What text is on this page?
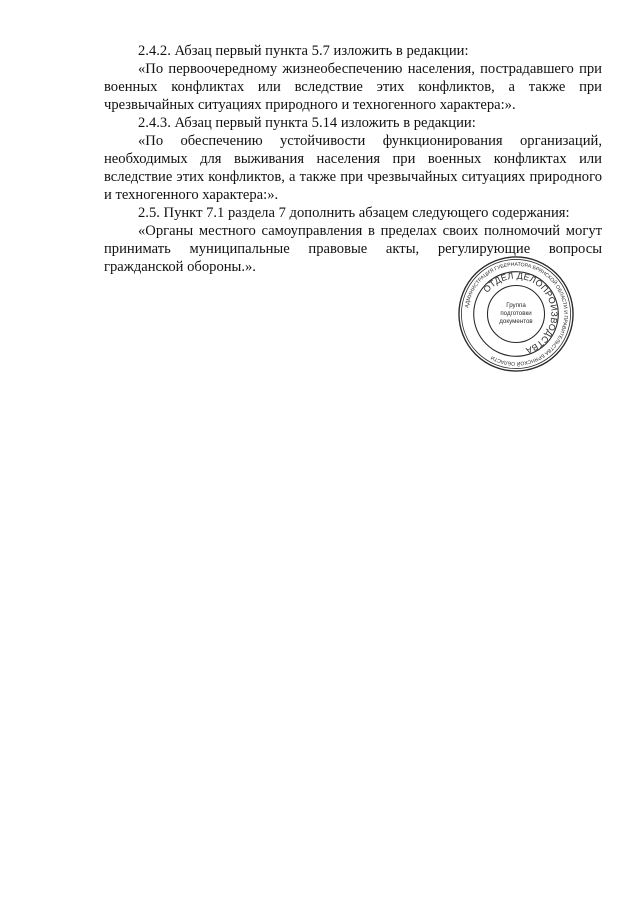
2.4.2. Абзац первый пункта 5.7 изложить в редакции:

«По первоочередному жизнеобеспечению населения, пострадавшего при военных конфликтах или вследствие этих конфликтов, а также при чрезвычайных ситуациях природного и техногенного характера:».

2.4.3. Абзац первый пункта 5.14 изложить в редакции:

«По обеспечению устойчивости функционирования организаций, необходимых для выживания населения при военных конфликтах или вследствие этих конфликтов, а также при чрезвычайных ситуациях природного и техногенного характера:».

2.5. Пункт 7.1 раздела 7 дополнить абзацем следующего содержания:

«Органы местного самоуправления в пределах своих полномочий могут принимать муниципальные правовые акты, регулирующие вопросы гражданской обороны.».

АДМИНИСТРАЦИЯ ГУБЕРНАТОРА БРЯНСКОЙ ОБЛАСТИ И ПРАВИТЕЛЬСТВА БРЯНСКОЙ ОБЛАСТИ
ОТДЕЛ ДЕЛОПРОИЗВОДСТВА
Группа
подготовки
документов
